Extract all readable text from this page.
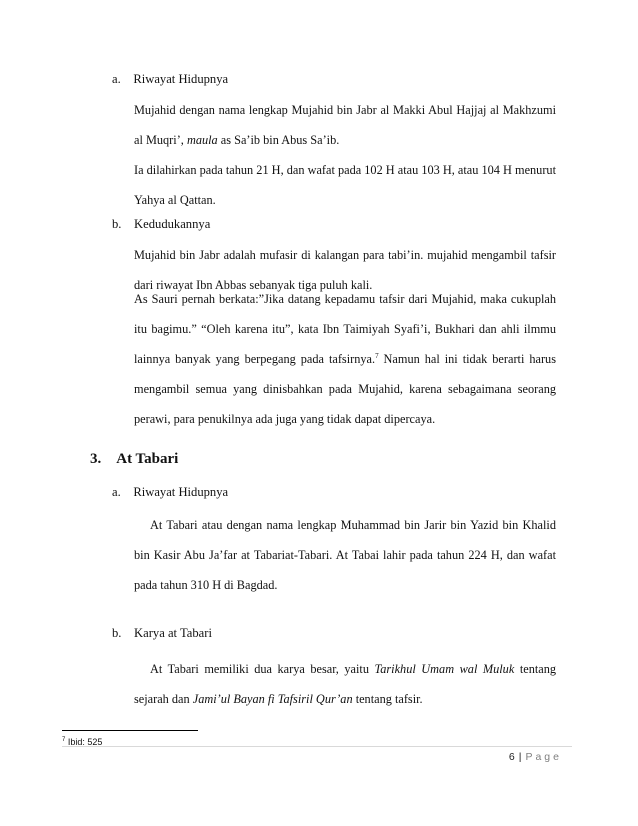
a. Riwayat Hidupnya
Mujahid dengan nama lengkap Mujahid bin Jabr al Makki Abul Hajjaj al Makhzumi
al Muqri’, maula as Sa’ib bin Abus Sa’ib.
Ia dilahirkan pada tahun 21 H, dan wafat pada 102 H atau 103 H, atau 104 H menurut
Yahya al Qattan.
b. Kedudukannya
Mujahid bin Jabr adalah mufasir di kalangan para tabi’in. mujahid mengambil tafsir
dari riwayat Ibn Abbas sebanyak tiga puluh kali.
As Sauri pernah berkata:”Jika datang kepadamu tafsir dari Mujahid, maka cukuplah
itu bagimu.” “Oleh karena itu”, kata Ibn Taimiyah Syafi’i, Bukhari dan ahli ilmmu
lainnya banyak yang berpegang pada tafsirnya.$^7$ Namun hal ini tidak berarti harus
mengambil semua yang dinisbahkan pada Mujahid, karena sebagaimana seorang
perawi, para penukilnya ada juga yang tidak dapat dipercaya.
3. At Tabari
a. Riwayat Hidupnya
At Tabari atau dengan nama lengkap Muhammad bin Jarir bin Yazid bin Khalid
bin Kasir Abu Ja’far at Tabariat-Tabari. At Tabai lahir pada tahun 224 H, dan wafat
pada tahun 310 H di Bagdad.
b. Karya at Tabari
At Tabari memiliki dua karya besar, yaitu Tarikhul Umam wal Muluk tentang
sejarah dan Jami’ul Bayan fi Tafsiril Qur’an tentang tafsir.
$^7$ Ibid: 525
6 | Page
